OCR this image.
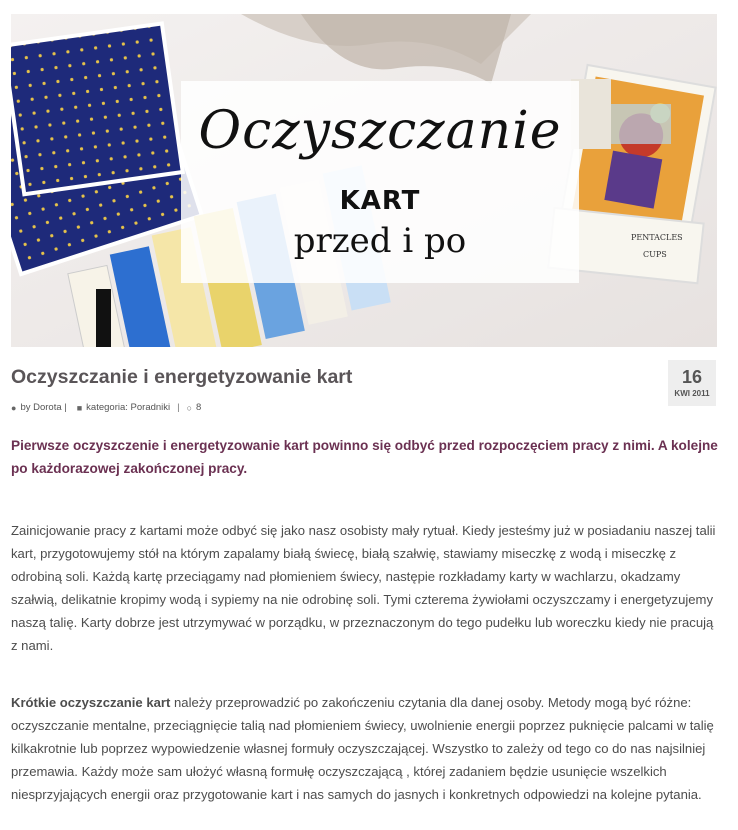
PENTACLES
CUPS
Oczyszczanie
KART
przed i po
Oczyszczanie i energetyzowanie kart	16
KWI 2011
● by Dorota | ■ kategoria: Poradniki | ○ 8

Pierwsze oczyszczenie i energetyzowanie kart powinno się odbyć przed rozpoczęciem pracy z nimi. A kolejne po każdorazowej zakończonej pracy.

Zainicjowanie pracy z kartami może odbyć się jako nasz osobisty mały rytuał. Kiedy jesteśmy już w posiadaniu naszej talii kart, przygotowujemy stół na którym zapalamy białą świecę, białą szałwię, stawiamy miseczkę z wodą i miseczkę z odrobiną soli. Każdą kartę przeciągamy nad płomieniem świecy, następie rozkładamy karty w wachlarzu, okadzamy szałwią, delikatnie kropimy wodą i sypiemy na nie odrobinę soli. Tymi czterema żywiołami oczyszczamy i energetyzujemy naszą talię. Karty dobrze jest utrzymywać w porządku, w przeznaczonym do tego pudełku lub woreczku kiedy nie pracują z nami.

Krótkie oczyszczanie kart należy przeprowadzić po zakończeniu czytania dla danej osoby. Metody mogą być różne: oczyszczanie mentalne, przeciągnięcie talią nad płomieniem świecy, uwolnienie energii poprzez puknięcie palcami w talię kilkakrotnie lub poprzez wypowiedzenie własnej formuły oczyszczającej. Wszystko to zależy od tego co do nas najsilniej przemawia. Każdy może sam ułożyć własną formułę oczyszczającą , której zadaniem będzie usunięcie wszelkich niesprzyjających energii oraz przygotowanie kart i nas samych do jasnych i konkretnych odpowiedzi na kolejne pytania.
